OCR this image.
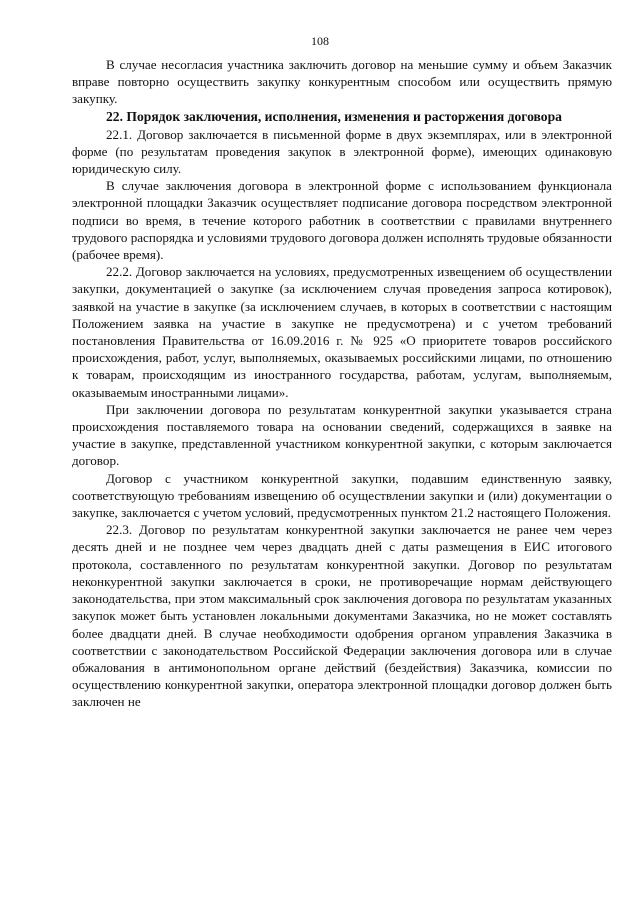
108

В случае несогласия участника заключить договор на меньшие сумму и объем Заказчик вправе повторно осуществить закупку конкурентным способом или осуществить прямую закупку.

22. Порядок заключения, исполнения, изменения и расторжения договора

22.1. Договор заключается в письменной форме в двух экземплярах, или в электронной форме (по результатам проведения закупок в электронной форме), имеющих одинаковую юридическую силу.

В случае заключения договора в электронной форме с использованием функционала электронной площадки Заказчик осуществляет подписание договора посредством электронной подписи во время, в течение которого работник в соответствии с правилами внутреннего трудового распорядка и условиями трудового договора должен исполнять трудовые обязанности (рабочее время).

22.2. Договор заключается на условиях, предусмотренных извещением об осуществлении закупки, документацией о закупке (за исключением случая проведения запроса котировок), заявкой на участие в закупке (за исключением случаев, в которых в соответствии с настоящим Положением заявка на участие в закупке не предусмотрена) и с учетом требований постановления Правительства от 16.09.2016 г. № 925 «О приоритете товаров российского происхождения, работ, услуг, выполняемых, оказываемых российскими лицами, по отношению к товарам, происходящим из иностранного государства, работам, услугам, выполняемым, оказываемым иностранными лицами».

При заключении договора по результатам конкурентной закупки указывается страна происхождения поставляемого товара на основании сведений, содержащихся в заявке на участие в закупке, представленной участником конкурентной закупки, с которым заключается договор.

Договор с участником конкурентной закупки, подавшим единственную заявку, соответствующую требованиям извещению об осуществлении закупки и (или) документации о закупке, заключается с учетом условий, предусмотренных пунктом 21.2 настоящего Положения.

22.3. Договор по результатам конкурентной закупки заключается не ранее чем через десять дней и не позднее чем через двадцать дней с даты размещения в ЕИС итогового протокола, составленного по результатам конкурентной закупки. Договор по результатам неконкурентной закупки заключается в сроки, не противоречащие нормам действующего законодательства, при этом максимальный срок заключения договора по результатам указанных закупок может быть установлен локальными документами Заказчика, но не может составлять более двадцати дней. В случае необходимости одобрения органом управления Заказчика в соответствии с законодательством Российской Федерации заключения договора или в случае обжалования в антимонопольном органе действий (бездействия) Заказчика, комиссии по осуществлению конкурентной закупки, оператора электронной площадки договор должен быть заключен не
